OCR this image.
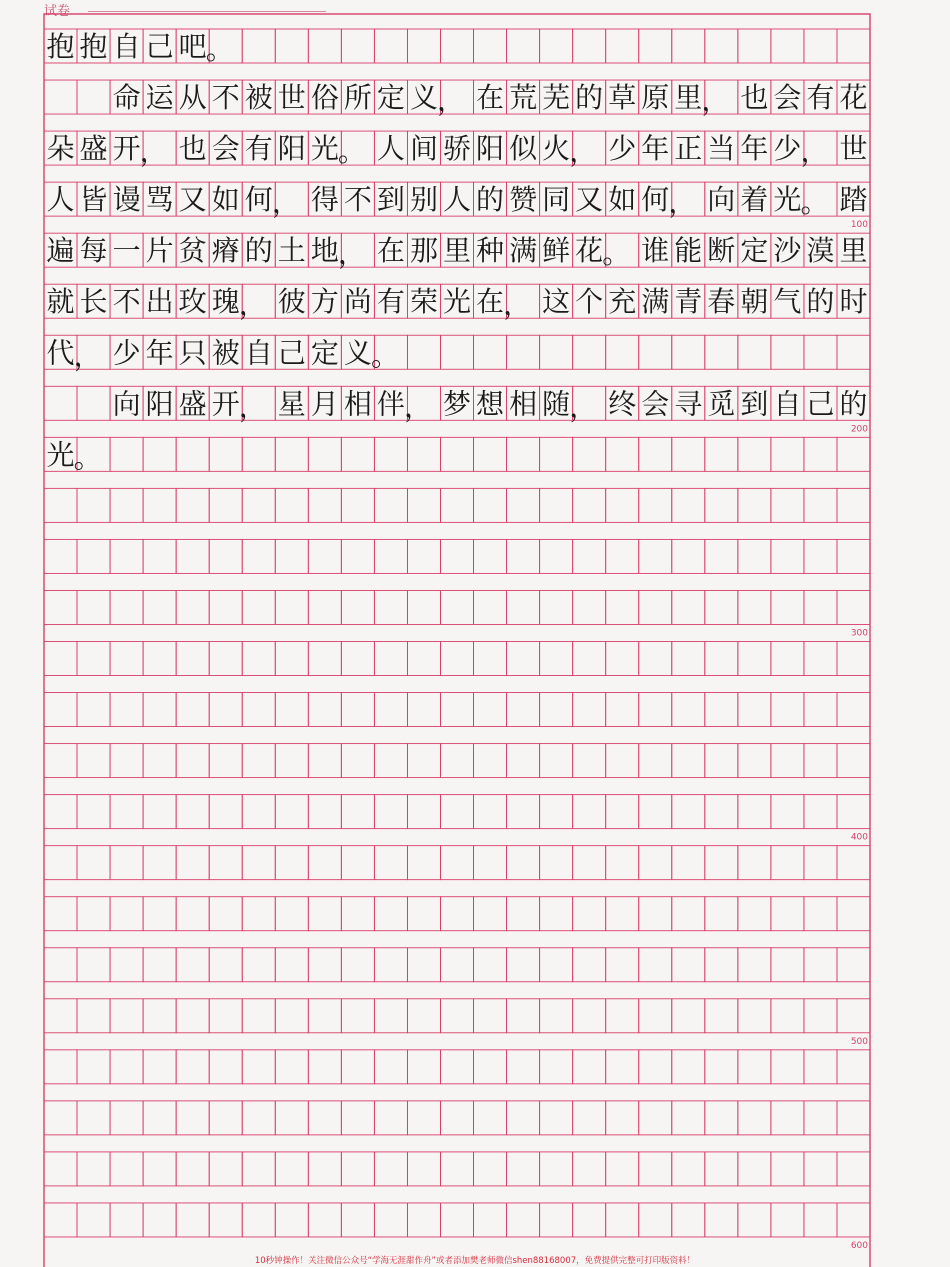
试卷
100
200
300
400
500
600
抱 抱 自 己 吧 。
命 运 从 不 被 世 俗 所 定 义 ， 在 荒 芜 的 草 原 里 ， 也 会 有 花
朵 盛 开 ， 也 会 有 阳 光 。 人 间 骄 阳 似 火 ， 少 年 正 当 年 少 ， 世
人 皆 谩 骂 又 如 何 ， 得 不 到 别 人 的 赞 同 又 如 何 ， 向 着 光 。 踏
遍 每 一 片 贫 瘠 的 土 地 ， 在 那 里 种 满 鲜 花 。 谁 能 断 定 沙 漠 里
就 长 不 出 玫 瑰 ， 彼 方 尚 有 荣 光 在 ， 这 个 充 满 青 春 朝 气 的 时
代 ， 少 年 只 被 自 己 定 义 。
向 阳 盛 开 ， 星 月 相 伴 ， 梦 想 相 随 ， 终 会 寻 觅 到 自 己 的
光 。
10秒钟操作！关注微信公众号“学海无涯甜作舟”或者添加樊老师微信shen88168007，免费提供完整可打印版资料！
